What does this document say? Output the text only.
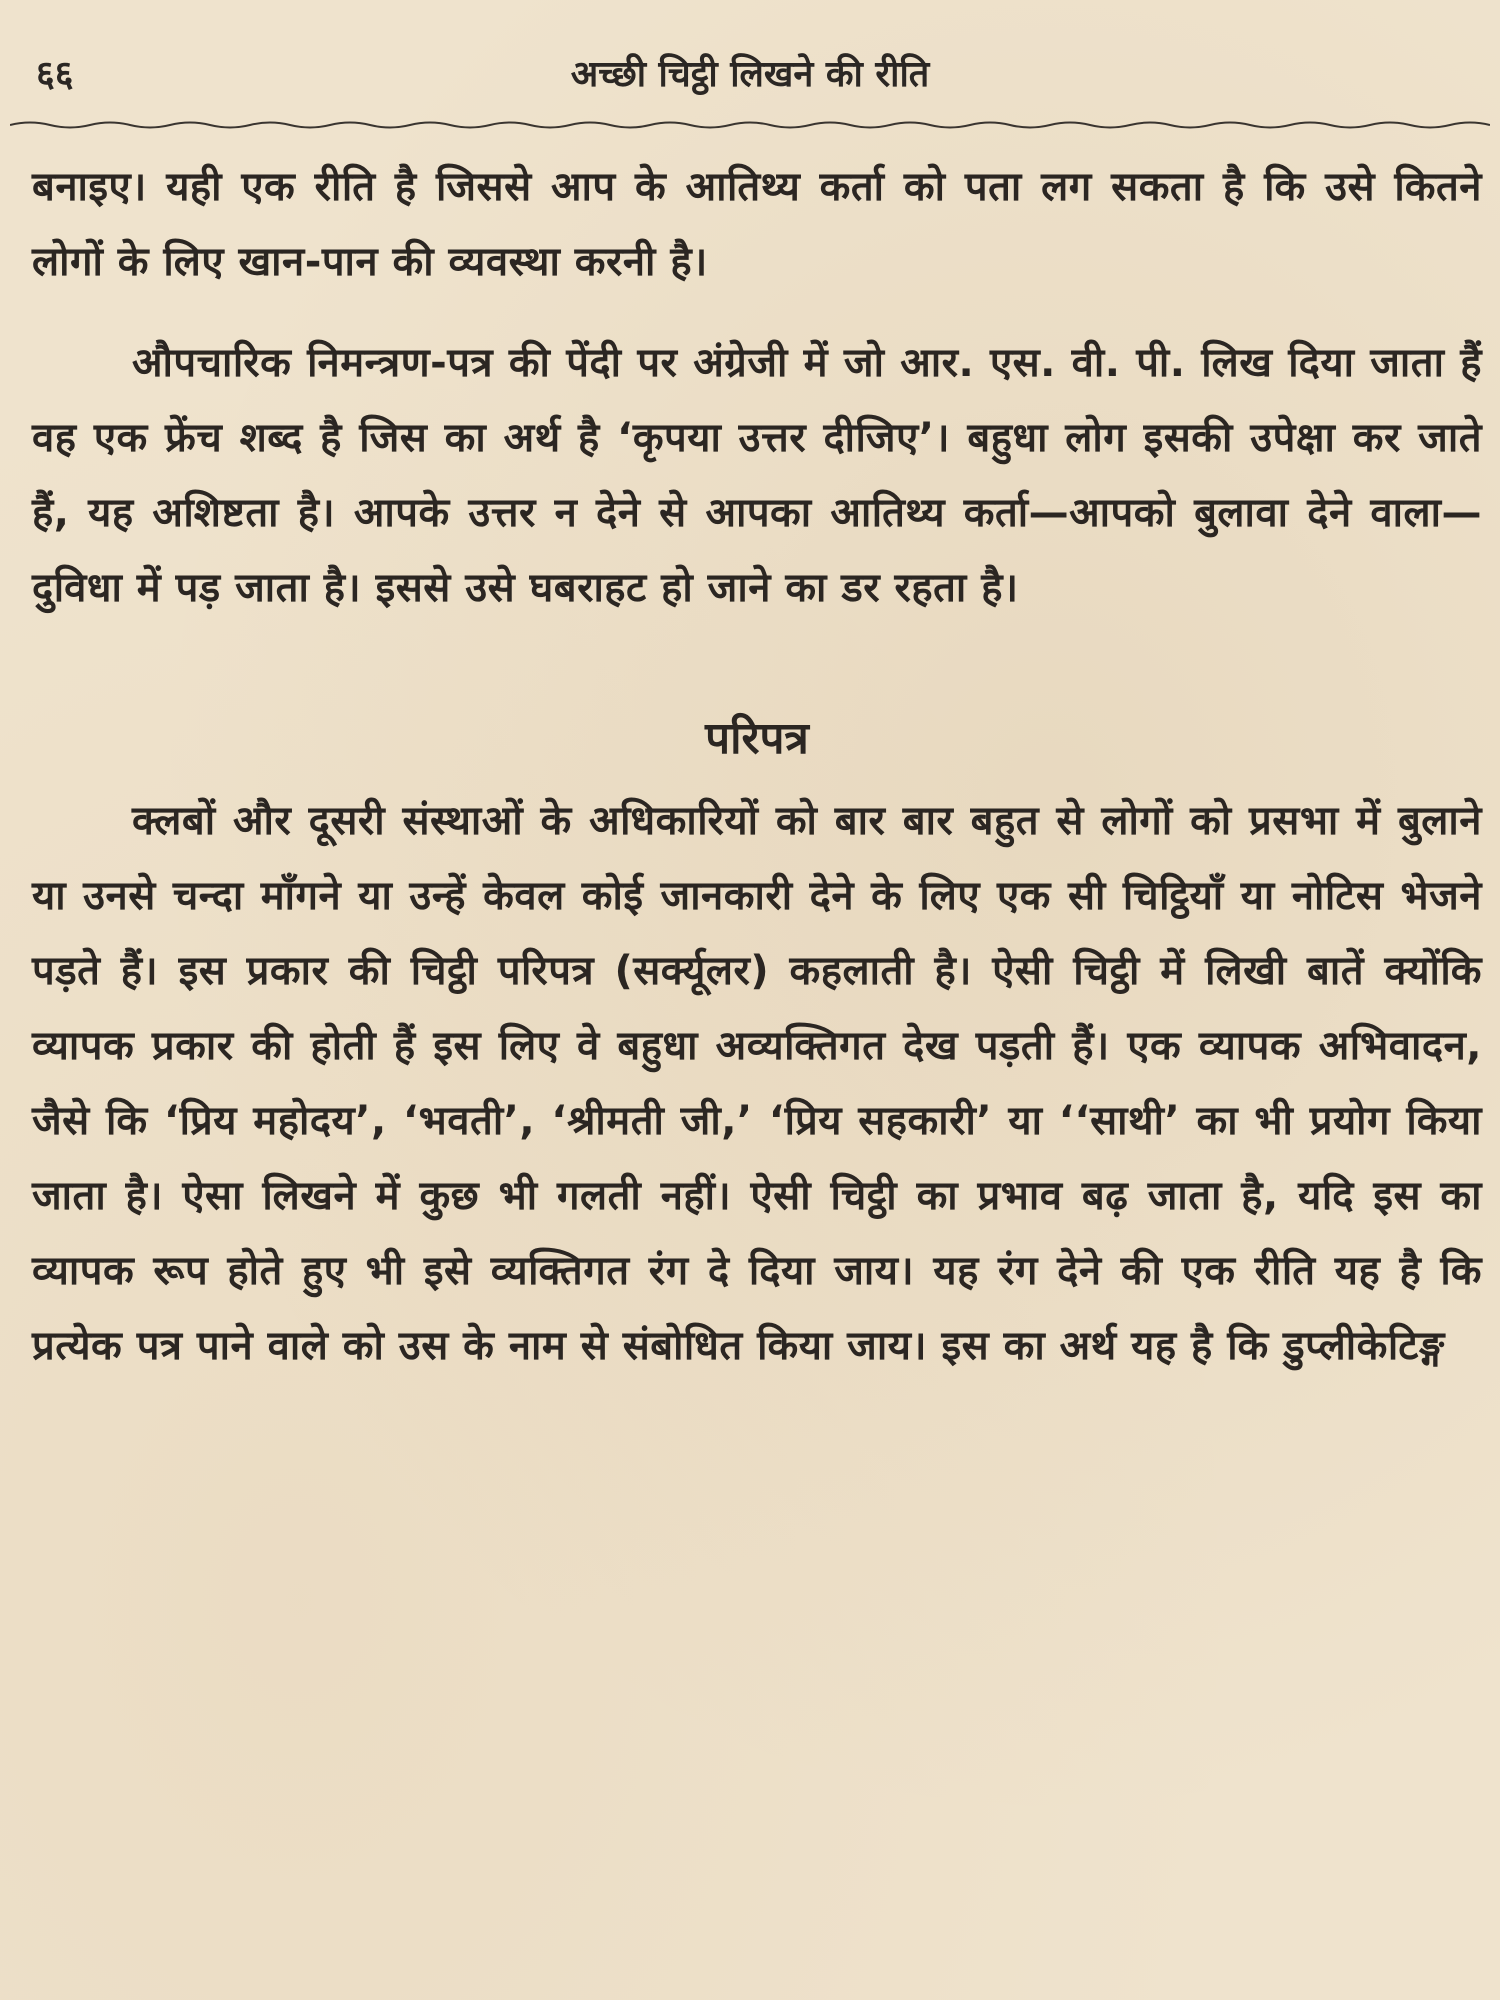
६६	अच्छी चिट्ठी लिखने की रीति

बनाइए। यही एक रीति है जिससे आप के आतिथ्य कर्ता को पता लग सकता है कि उसे कितने लोगों के लिए खान-पान की व्यवस्था करनी है।

औपचारिक निमन्त्रण-पत्र की पेंदी पर अंग्रेजी में जो आर. एस. वी. पी. लिख दिया जाता हैं वह एक फ्रेंच शब्द है जिस का अर्थ है ‘कृपया उत्तर दीजिए’। बहुधा लोग इसकी उपेक्षा कर जाते हैं, यह अशिष्टता है। आपके उत्तर न देने से आपका आतिथ्य कर्ता—आपको बुलावा देने वाला—दुविधा में पड़ जाता है। इससे उसे घबराहट हो जाने का डर रहता है।

परिपत्र

क्लबों और दूसरी संस्थाओं के अधिकारियों को बार बार बहुत से लोगों को प्रसभा में बुलाने या उनसे चन्दा माँगने या उन्हें केवल कोई जानकारी देने के लिए एक सी चिट्ठियाँ या नोटिस भेजने पड़ते हैं। इस प्रकार की चिट्ठी परिपत्र (सर्क्यूलर) कहलाती है। ऐसी चिट्ठी में लिखी बातें क्योंकि व्यापक प्रकार की होती हैं इस लिए वे बहुधा अव्यक्तिगत देख पड़ती हैं। एक व्यापक अभिवादन, जैसे कि ‘प्रिय महोदय’, ‘भवती’, ‘श्रीमती जी,’ ‘प्रिय सहकारी’ या ‘‘साथी’ का भी प्रयोग किया जाता है। ऐसा लिखने में कुछ भी गलती नहीं। ऐसी चिट्ठी का प्रभाव बढ़ जाता है, यदि इस का व्यापक रूप होते हुए भी इसे व्यक्तिगत रंग दे दिया जाय। यह रंग देने की एक रीति यह है कि प्रत्येक पत्र पाने वाले को उस के नाम से संबोधित किया जाय। इस का अर्थ यह है कि डुप्लीकेटिङ्ग
